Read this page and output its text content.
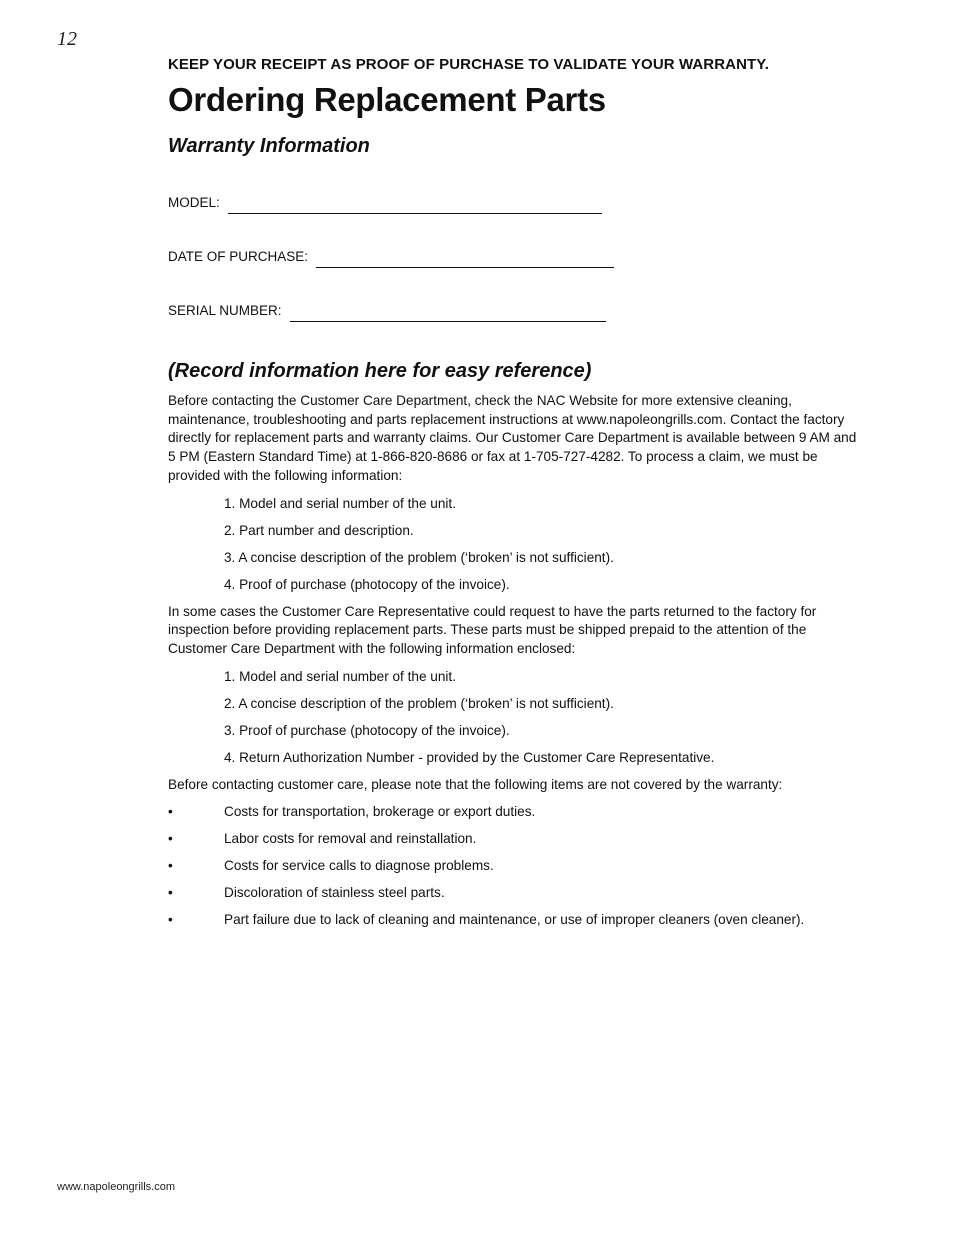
12

KEEP YOUR RECEIPT AS PROOF OF PURCHASE TO VALIDATE YOUR WARRANTY.

Ordering Replacement Parts
Warranty Information
MODEL:
DATE OF PURCHASE:
SERIAL NUMBER:
(Record information here for easy reference)

Before contacting the Customer Care Department, check the NAC Website for more extensive cleaning, maintenance, troubleshooting and parts replacement instructions at www.napoleongrills.com. Contact the factory directly for replacement parts and warranty claims. Our Customer Care Department is available between 9 AM and 5 PM (Eastern Standard Time) at 1-866-820-8686 or fax at 1-705-727-4282. To process a claim, we must be provided with the following information:

1. Model and serial number of the unit.
2. Part number and description.
3. A concise description of the problem (‘broken’ is not sufficient).
4. Proof of purchase (photocopy of the invoice).

In some cases the Customer Care Representative could request to have the parts returned to the factory for inspection before providing replacement parts. These parts must be shipped prepaid to the attention of the Customer Care Department with the following information enclosed:

1. Model and serial number of the unit.
2. A concise description of the problem (‘broken’ is not sufficient).
3. Proof of purchase (photocopy of the invoice).
4. Return Authorization Number - provided by the Customer Care Representative.

Before contacting customer care, please note that the following items are not covered by the warranty:

•	Costs for transportation, brokerage or export duties.
•	Labor costs for removal and reinstallation.
•	Costs for service calls to diagnose problems.
•	Discoloration of stainless steel parts.
•	Part failure due to lack of cleaning and maintenance, or use of improper cleaners (oven cleaner).
www.napoleongrills.com
